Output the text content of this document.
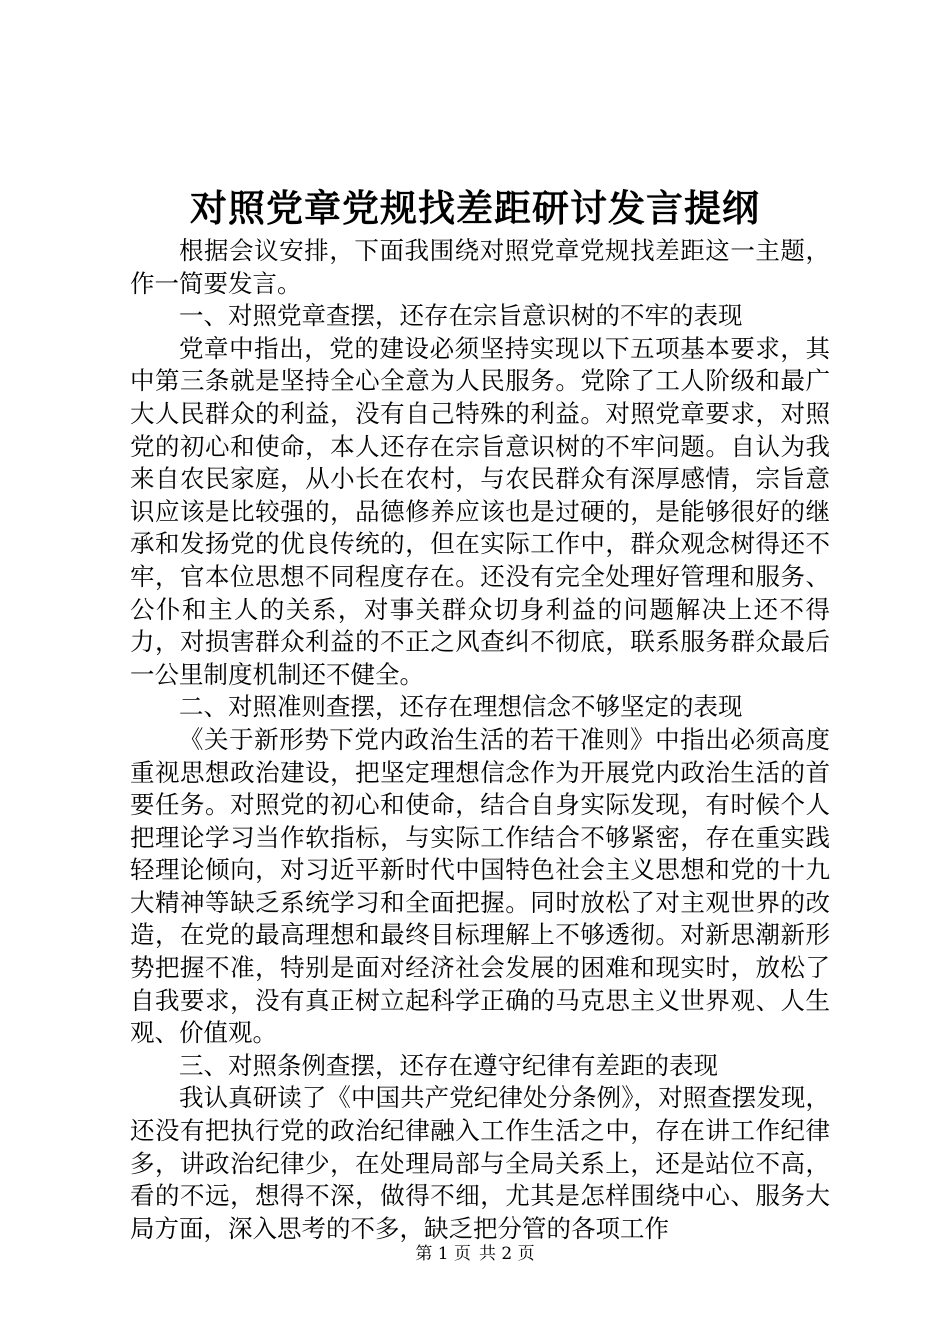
对照党章党规找差距研讨发言提纲

根据会议安排，下面我围绕对照党章党规找差距这一主题，作一简要发言。

一、对照党章查摆，还存在宗旨意识树的不牢的表现

党章中指出，党的建设必须坚持实现以下五项基本要求，其中第三条就是坚持全心全意为人民服务。党除了工人阶级和最广大人民群众的利益，没有自己特殊的利益。对照党章要求，对照党的初心和使命，本人还存在宗旨意识树的不牢问题。自认为我来自农民家庭，从小长在农村，与农民群众有深厚感情，宗旨意识应该是比较强的，品德修养应该也是过硬的，是能够很好的继承和发扬党的优良传统的，但在实际工作中，群众观念树得还不牢，官本位思想不同程度存在。还没有完全处理好管理和服务、公仆和主人的关系，对事关群众切身利益的问题解决上还不得力，对损害群众利益的不正之风查纠不彻底，联系服务群众最后一公里制度机制还不健全。

二、对照准则查摆，还存在理想信念不够坚定的表现

《关于新形势下党内政治生活的若干准则》中指出必须高度重视思想政治建设，把坚定理想信念作为开展党内政治生活的首要任务。对照党的初心和使命，结合自身实际发现，有时候个人把理论学习当作软指标，与实际工作结合不够紧密，存在重实践轻理论倾向，对习近平新时代中国特色社会主义思想和党的十九大精神等缺乏系统学习和全面把握。同时放松了对主观世界的改造，在党的最高理想和最终目标理解上不够透彻。对新思潮新形势把握不准，特别是面对经济社会发展的困难和现实时，放松了自我要求，没有真正树立起科学正确的马克思主义世界观、人生观、价值观。

三、对照条例查摆，还存在遵守纪律有差距的表现

我认真研读了《中国共产党纪律处分条例》，对照查摆发现，还没有把执行党的政治纪律融入工作生活之中，存在讲工作纪律多，讲政治纪律少，在处理局部与全局关系上，还是站位不高，看的不远，想得不深，做得不细，尤其是怎样围绕中心、服务大局方面，深入思考的不多，缺乏把分管的各项工作

第 1 页 共 2 页
